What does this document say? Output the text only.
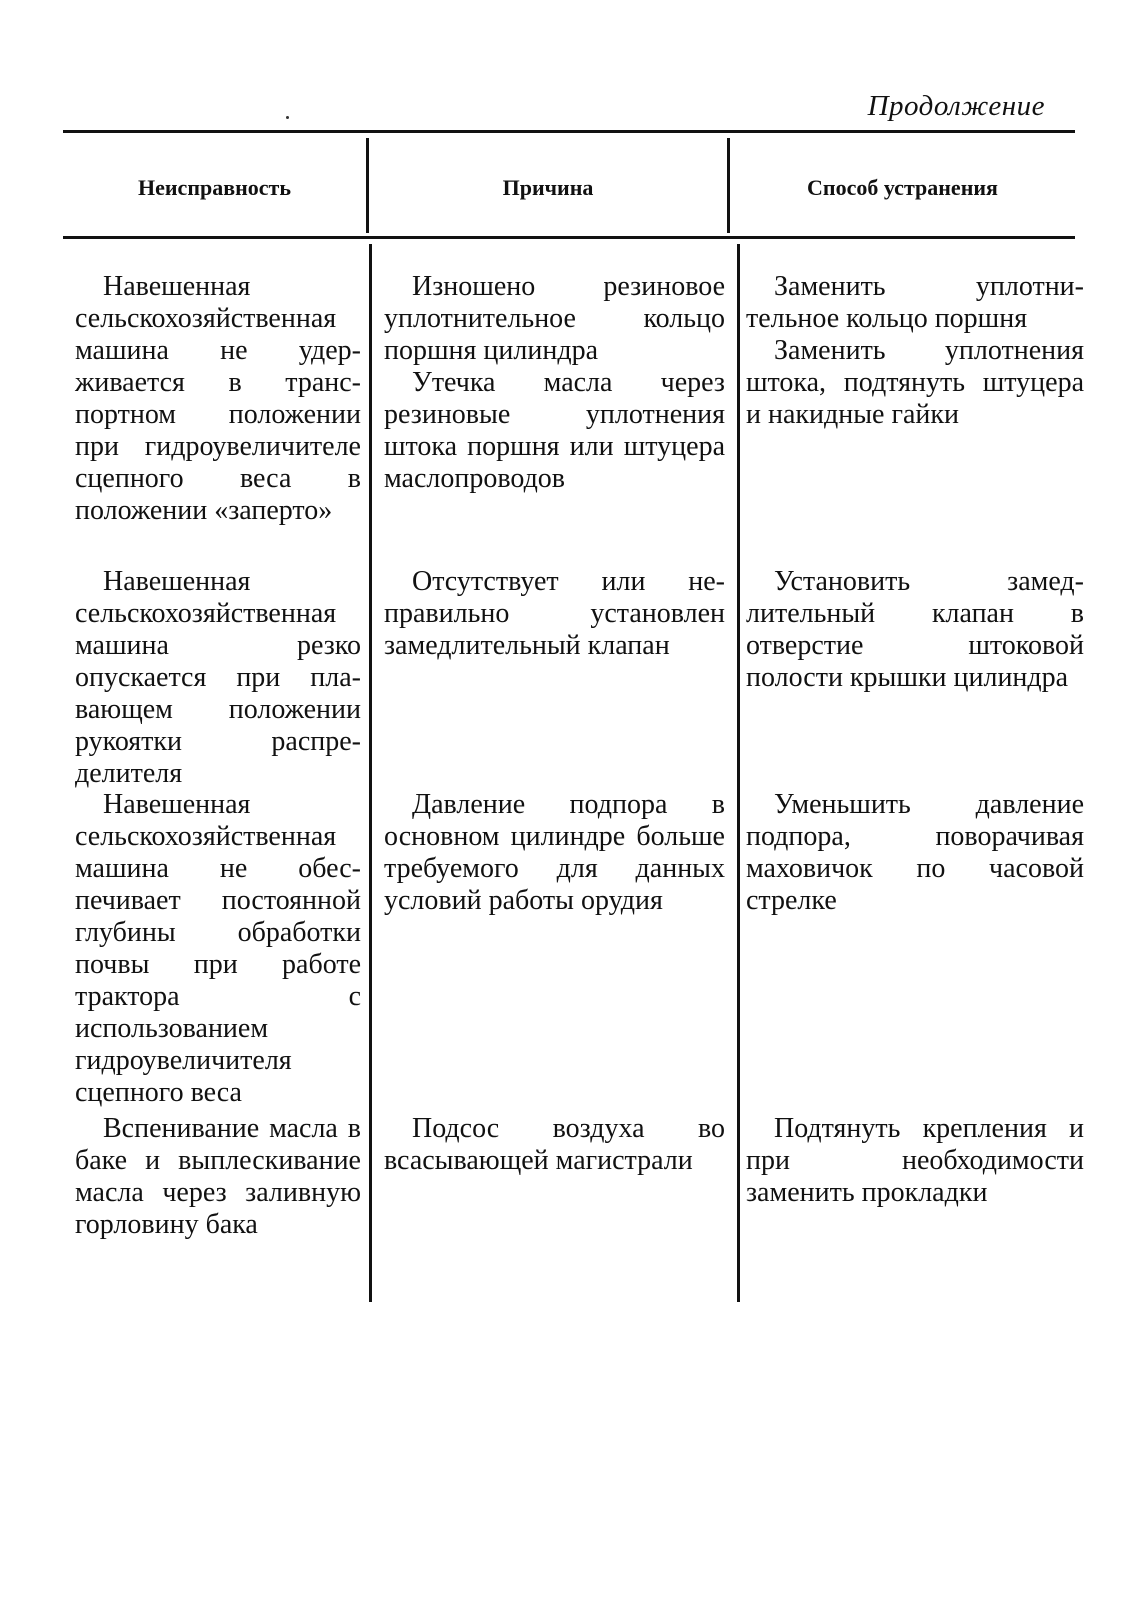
Продолжение
Неисправность	Причина	Способ устранения

Навешенная сельскохозяйственная машина не удерживается в транспортном положении при гидроувеличителе сцепного веса в положении «заперто»

Изношено резиновое уплотнительное кольцо поршня цилиндра

Утечка масла через резиновые уплотнения штока поршня или штуцера маслопроводов

Заменить уплотнительное кольцо поршня

Заменить уплотнения штока, подтянуть штуцера и накидные гайки

Навешенная сельскохозяйственная машина резко опускается при плавающем положении рукоятки распределителя

Отсутствует или неправильно установлен замедлительный клапан

Установить замедлительный клапан в отверстие штоковой полости крышки цилиндра

Навешенная сельскохозяйственная машина не обеспечивает постоянной глубины обработки почвы при работе трактора с использованием гидроувеличителя сцепного веса

Давление подпора в основном цилиндре больше требуемого для данных условий работы орудия

Уменьшить давление подпора, поворачивая маховичок по часовой стрелке

Вспенивание масла в баке и выплескивание масла через заливную горловину бака

Подсос воздуха во всасывающей магистрали

Подтянуть крепления и при необходимости заменить прокладки
